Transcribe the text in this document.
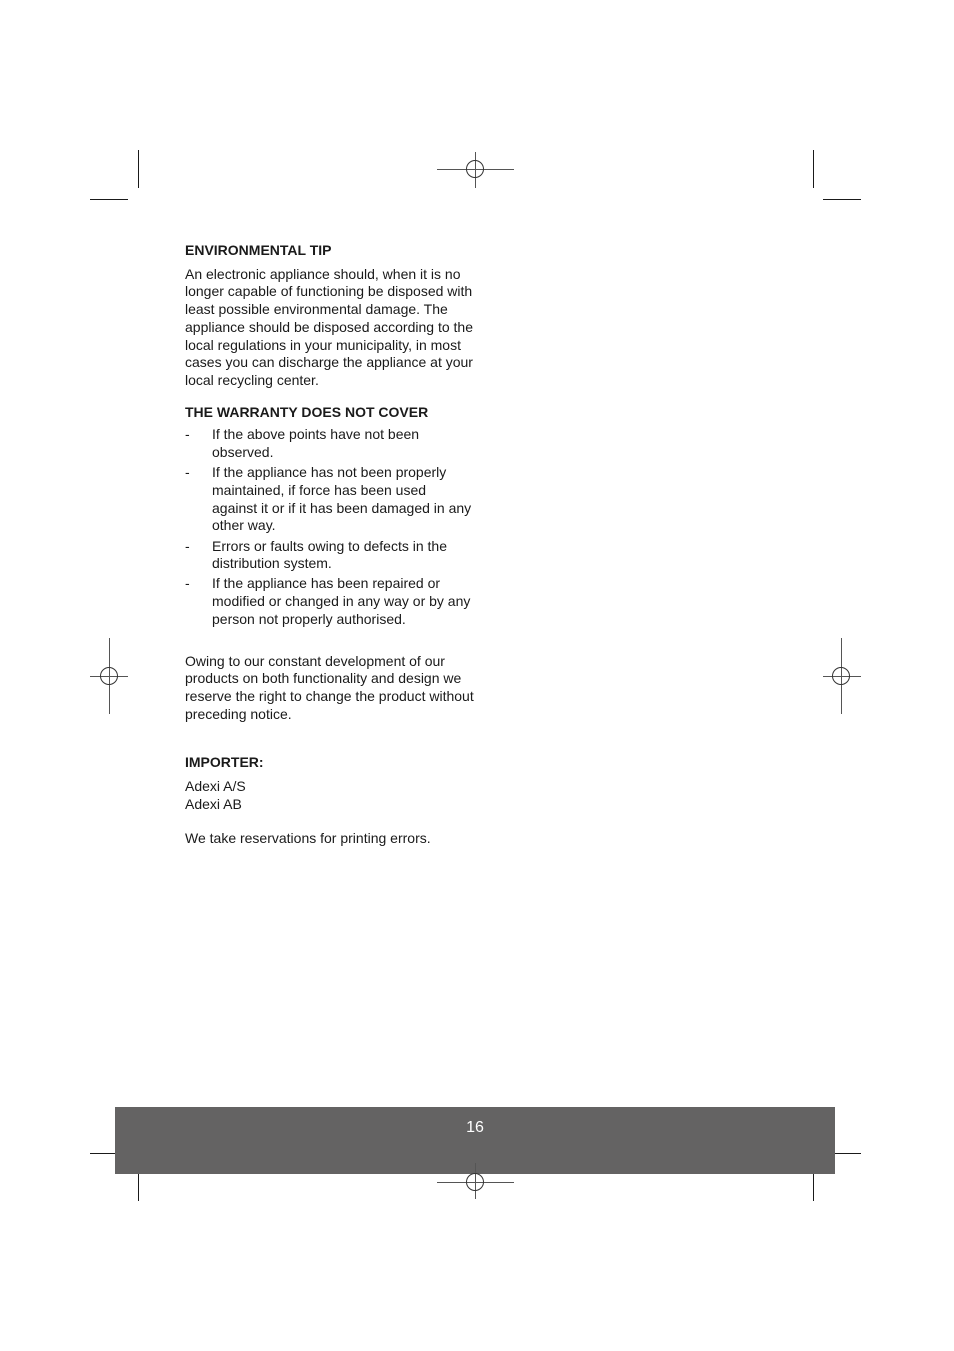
ENVIRONMENTAL TIP

An electronic appliance should, when it is no longer capable of functioning be disposed with least possible environmental damage. The appliance should be disposed according to the local regulations in your municipality, in most cases you can discharge the appliance at your local recycling center.

THE WARRANTY DOES NOT COVER

- If the above points have not been observed.
- If the appliance has not been properly maintained, if force has been used against it or if it has been damaged in any other way.
- Errors or faults owing to defects in the distribution system.
- If the appliance has been repaired or modified or changed in any way or by any person not properly authorised.

Owing to our constant development of our products on both functionality and design we reserve the right to change the product without preceding notice.

IMPORTER:

Adexi A/S

Adexi AB

We take reservations for printing errors.

16
